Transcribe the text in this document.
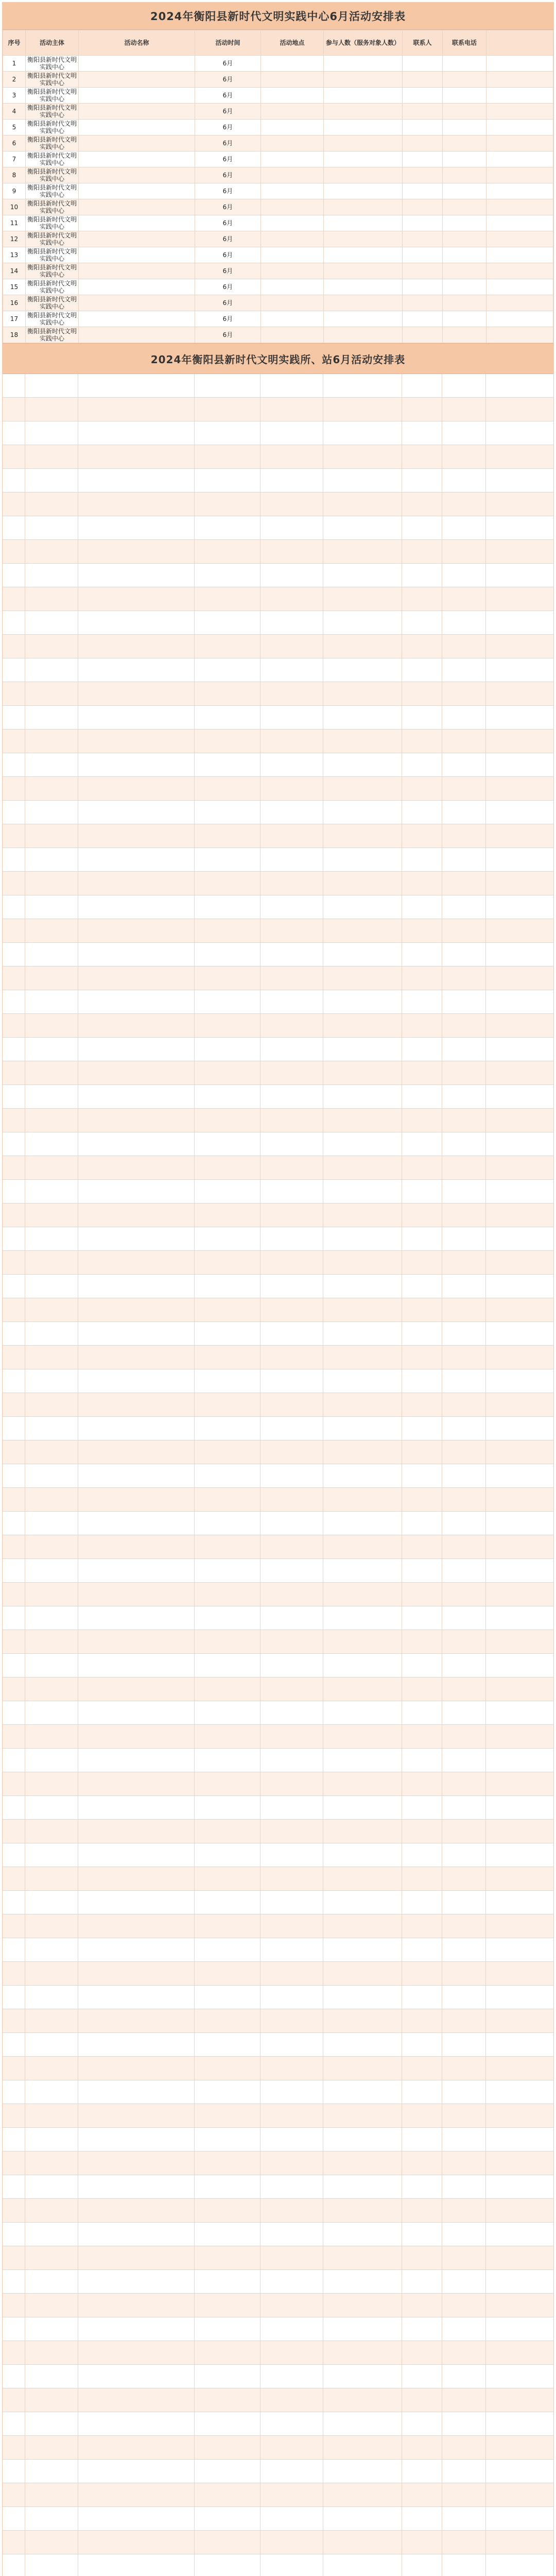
2024年衡阳县新时代文明实践中心6月活动安排表
序号	活动主体	活动名称	活动时间	活动地点	参与人数（服务对象人数）	联系人	联系电话	
1	衡阳县新时代文明实践中心		6月					
2	衡阳县新时代文明实践中心		6月					
3	衡阳县新时代文明实践中心		6月					
4	衡阳县新时代文明实践中心		6月					
5	衡阳县新时代文明实践中心		6月					
6	衡阳县新时代文明实践中心		6月					
7	衡阳县新时代文明实践中心		6月					
8	衡阳县新时代文明实践中心		6月					
9	衡阳县新时代文明实践中心		6月					
10	衡阳县新时代文明实践中心		6月					
11	衡阳县新时代文明实践中心		6月					
12	衡阳县新时代文明实践中心		6月					
13	衡阳县新时代文明实践中心		6月					
14	衡阳县新时代文明实践中心		6月					
15	衡阳县新时代文明实践中心		6月					
16	衡阳县新时代文明实践中心		6月					
17	衡阳县新时代文明实践中心		6月					
18	衡阳县新时代文明实践中心		6月					
2024年衡阳县新时代文明实践所、站6月活动安排表
